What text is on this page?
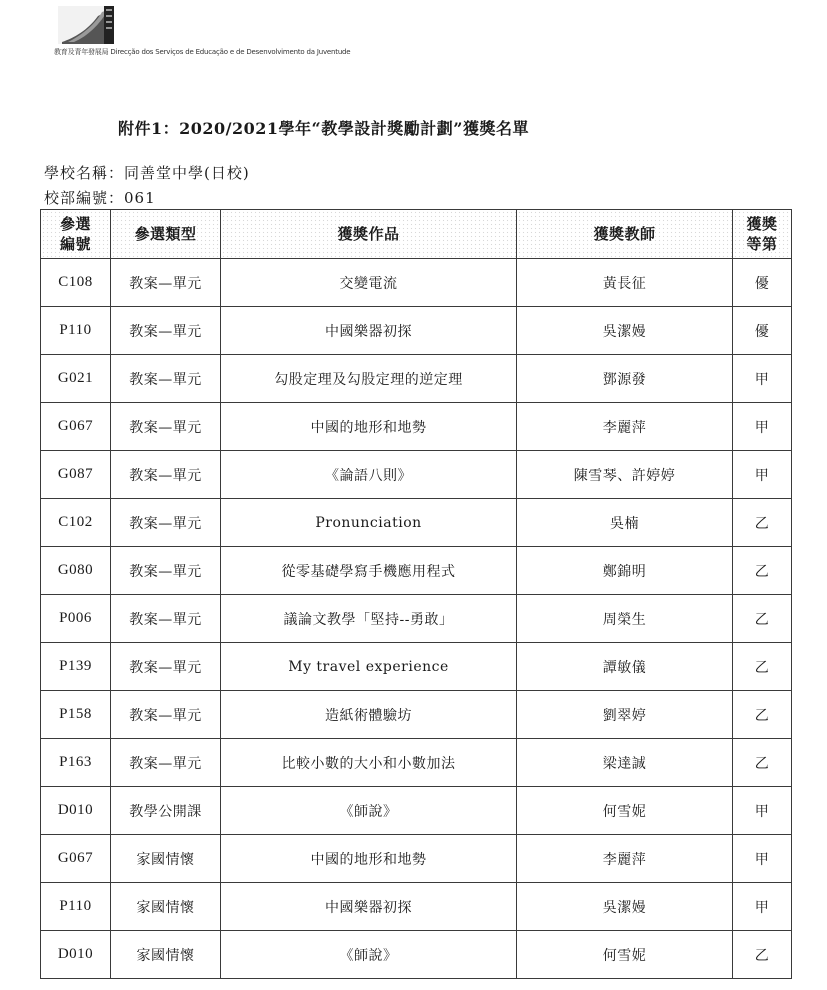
教育及青年發展局 Direcção dos Serviços de Educação e de Desenvolvimento da Juventude
附件1：2020/2021學年“教學設計獎勵計劃”獲獎名單
學校名稱：同善堂中學(日校)
校部編號：061
參選
編號	參選類型	獲獎作品	獲獎教師	獲獎
等第
C108	教案—單元	交變電流	黃長征	優
P110	教案—單元	中國樂器初探	吳潔嫚	優
G021	教案—單元	勾股定理及勾股定理的逆定理	鄧源發	甲
G067	教案—單元	中國的地形和地勢	李麗萍	甲
G087	教案—單元	《論語八則》	陳雪琴、許婷婷	甲
C102	教案—單元	Pronunciation	吳楠	乙
G080	教案—單元	從零基礎學寫手機應用程式	鄭錦明	乙
P006	教案—單元	議論文教學「堅持--勇敢」	周榮生	乙
P139	教案—單元	My travel experience	譚敏儀	乙
P158	教案—單元	造紙術體驗坊	劉翠婷	乙
P163	教案—單元	比較小數的大小和小數加法	梁達誠	乙
D010	教學公開課	《師說》	何雪妮	甲
G067	家國情懷	中國的地形和地勢	李麗萍	甲
P110	家國情懷	中國樂器初探	吳潔嫚	甲
D010	家國情懷	《師說》	何雪妮	乙
